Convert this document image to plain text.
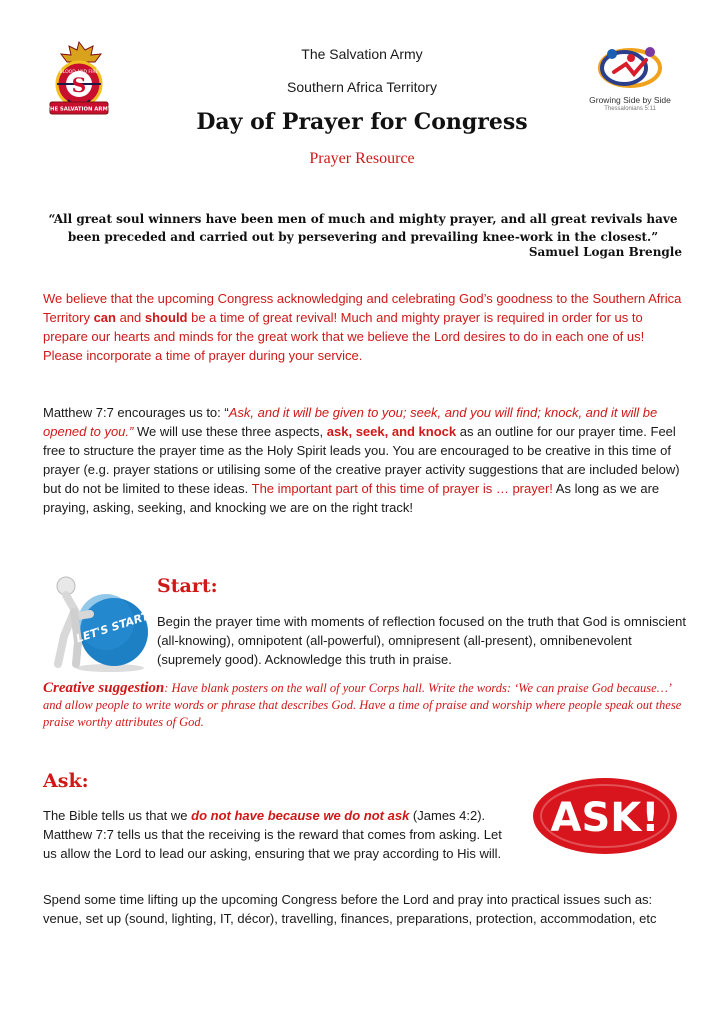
S
BLOOD AND FIRE
THE SALVATION ARMY
Growing Side by Side
Thessalonians 5:11
The Salvation Army
Southern Africa Territory
Day of Prayer for Congress
Prayer Resource
“All great soul winners have been men of much and mighty prayer, and all great revivals have been preceded and carried out by persevering and prevailing knee-work in the closest.”
Samuel Logan Brengle

We believe that the upcoming Congress acknowledging and celebrating God’s goodness to the Southern Africa Territory can and should be a time of great revival! Much and mighty prayer is required in order for us to prepare our hearts and minds for the great work that we believe the Lord desires to do in each one of us! Please incorporate a time of prayer during your service.

Matthew 7:7 encourages us to: “Ask, and it will be given to you; seek, and you will find; knock, and it will be opened to you.” We will use these three aspects, ask, seek, and knock as an outline for our prayer time. Feel free to structure the prayer time as the Holy Spirit leads you. You are encouraged to be creative in this time of prayer (e.g. prayer stations or utilising some of the creative prayer activity suggestions that are included below) but do not be limited to these ideas. The important part of this time of prayer is … prayer! As long as we are praying, asking, seeking, and knocking we are on the right track!

LET'S START!
Start:

Begin the prayer time with moments of reflection focused on the truth that God is omniscient (all-knowing), omnipotent (all-powerful), omnipresent (all-present), omnibenevolent (supremely good). Acknowledge this truth in praise.

Creative suggestion: Have blank posters on the wall of your Corps hall. Write the words: ‘We can praise God because…’ and allow people to write words or phrase that describes God. Have a time of praise and worship where people speak out these praise worthy attributes of God.
Ask:

The Bible tells us that we do not have because we do not ask (James 4:2). Matthew 7:7 tells us that the receiving is the reward that comes from asking. Let us allow the Lord to lead our asking, ensuring that we pray according to His will.

Spend some time lifting up the upcoming Congress before the Lord and pray into practical issues such as: venue, set up (sound, lighting, IT, décor), travelling, finances, preparations, protection, accommodation, etc

ASK!
